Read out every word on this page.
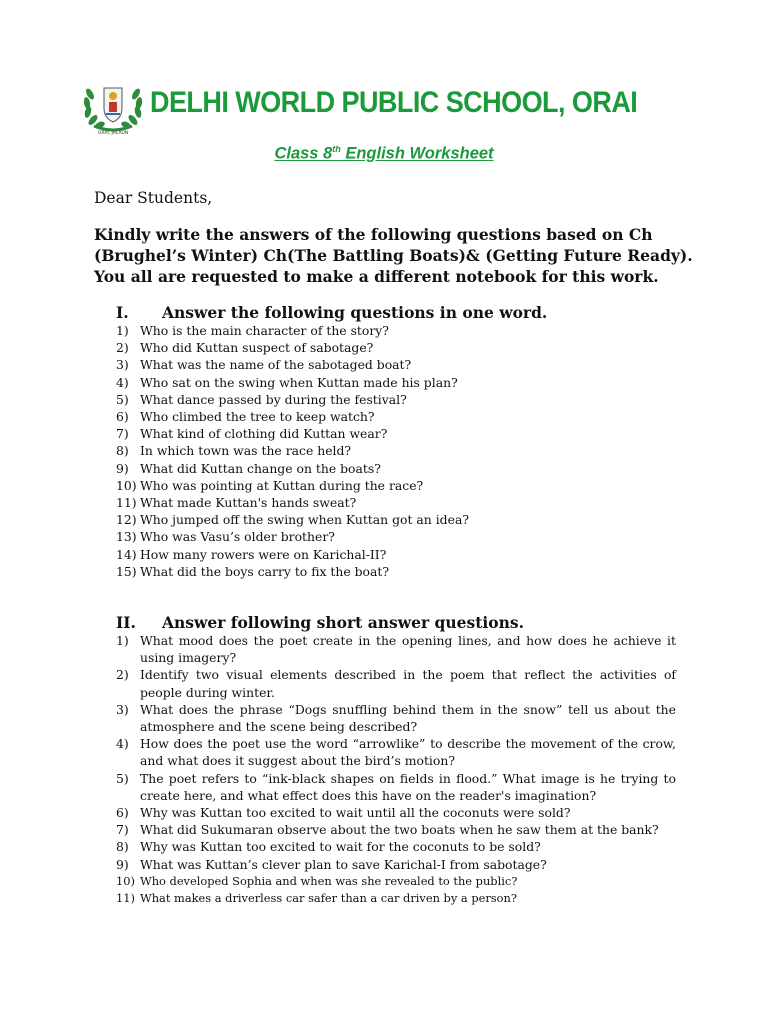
ORAI, JALAUN
DELHI WORLD PUBLIC SCHOOL, ORAI
Class 8th English Worksheet
Dear Students,
Kindly write the answers of the following questions based on Ch
(Brughel’s Winter) Ch(The Battling Boats)& (Getting Future Ready).
You all are requested to make a different notebook for this work.
I. Answer the following questions in one word.
1) Who is the main character of the story?
2) Who did Kuttan suspect of sabotage?
3) What was the name of the sabotaged boat?
4) Who sat on the swing when Kuttan made his plan?
5) What dance passed by during the festival?
6) Who climbed the tree to keep watch?
7) What kind of clothing did Kuttan wear?
8) In which town was the race held?
9) What did Kuttan change on the boats?
10) Who was pointing at Kuttan during the race?
11) What made Kuttan's hands sweat?
12) Who jumped off the swing when Kuttan got an idea?
13) Who was Vasu’s older brother?
14) How many rowers were on Karichal-II?
15) What did the boys carry to fix the boat?
II. Answer following short answer questions.
1) What mood does the poet create in the opening lines, and how does he achieve it using imagery?
2) Identify two visual elements described in the poem that reflect the activities of people during winter.
3) What does the phrase “Dogs snuffling behind them in the snow” tell us about the atmosphere and the scene being described?
4) How does the poet use the word “arrowlike” to describe the movement of the crow, and what does it suggest about the bird’s motion?
5) The poet refers to “ink-black shapes on fields in flood.” What image is he trying to create here, and what effect does this have on the reader's imagination?
6) Why was Kuttan too excited to wait until all the coconuts were sold?
7) What did Sukumaran observe about the two boats when he saw them at the bank?
8) Why was Kuttan too excited to wait for the coconuts to be sold?
9) What was Kuttan’s clever plan to save Karichal-I from sabotage?
10) Who developed Sophia and when was she revealed to the public?
11) What makes a driverless car safer than a car driven by a person?
